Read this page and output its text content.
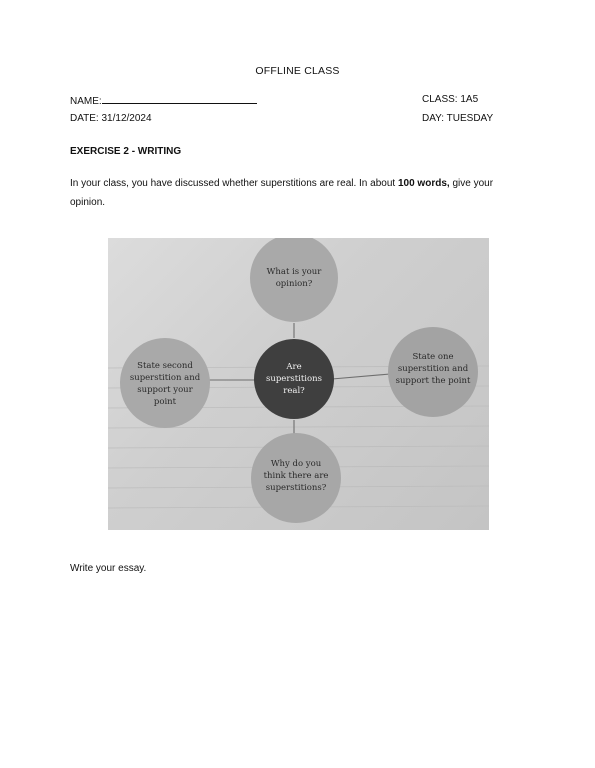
OFFLINE CLASS
NAME:	CLASS: 1A5
DATE: 31/12/2024	DAY: TUESDAY
EXERCISE 2 - WRITING
In your class, you have discussed whether superstitions are real. In about 100 words, give your opinion.
What is your
opinion?
Are
superstitions
real?
State second
superstition and
support your
point
State one
superstition and
support the point
Why do you
think there are
superstitions?
Write your essay.
